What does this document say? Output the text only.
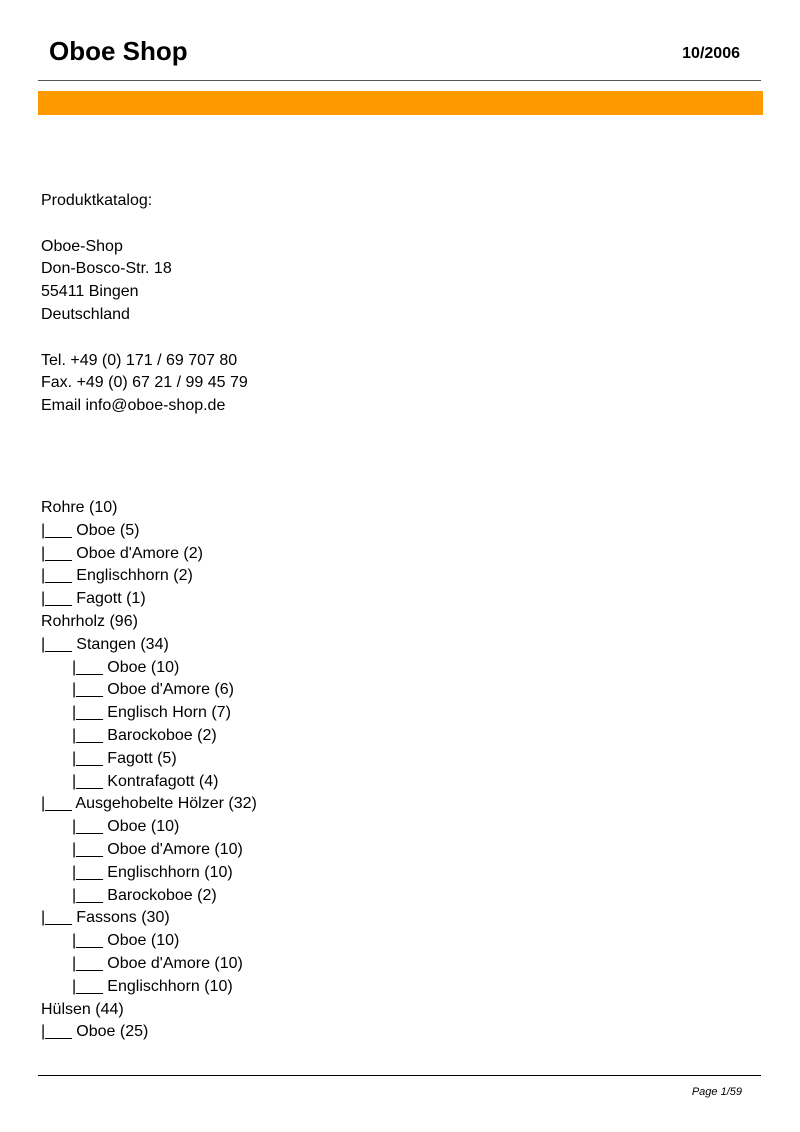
Oboe Shop	10/2006
Produktkatalog:
Oboe-Shop
Don-Bosco-Str. 18
55411 Bingen
Deutschland
Tel. +49 (0) 171 / 69 707 80
Fax. +49 (0) 67 21 / 99 45 79
Email info@oboe-shop.de
Rohre (10)
|___ Oboe (5)
|___ Oboe d'Amore (2)
|___ Englischhorn (2)
|___ Fagott (1)
Rohrholz (96)
|___ Stangen (34)
|___ Oboe (10)
|___ Oboe d'Amore (6)
|___ Englisch Horn (7)
|___ Barockoboe (2)
|___ Fagott (5)
|___ Kontrafagott (4)
|___ Ausgehobelte Hölzer (32)
|___ Oboe (10)
|___ Oboe d'Amore (10)
|___ Englischhorn (10)
|___ Barockoboe (2)
|___ Fassons (30)
|___ Oboe (10)
|___ Oboe d'Amore (10)
|___ Englischhorn (10)
Hülsen (44)
|___ Oboe (25)
Page 1/59
